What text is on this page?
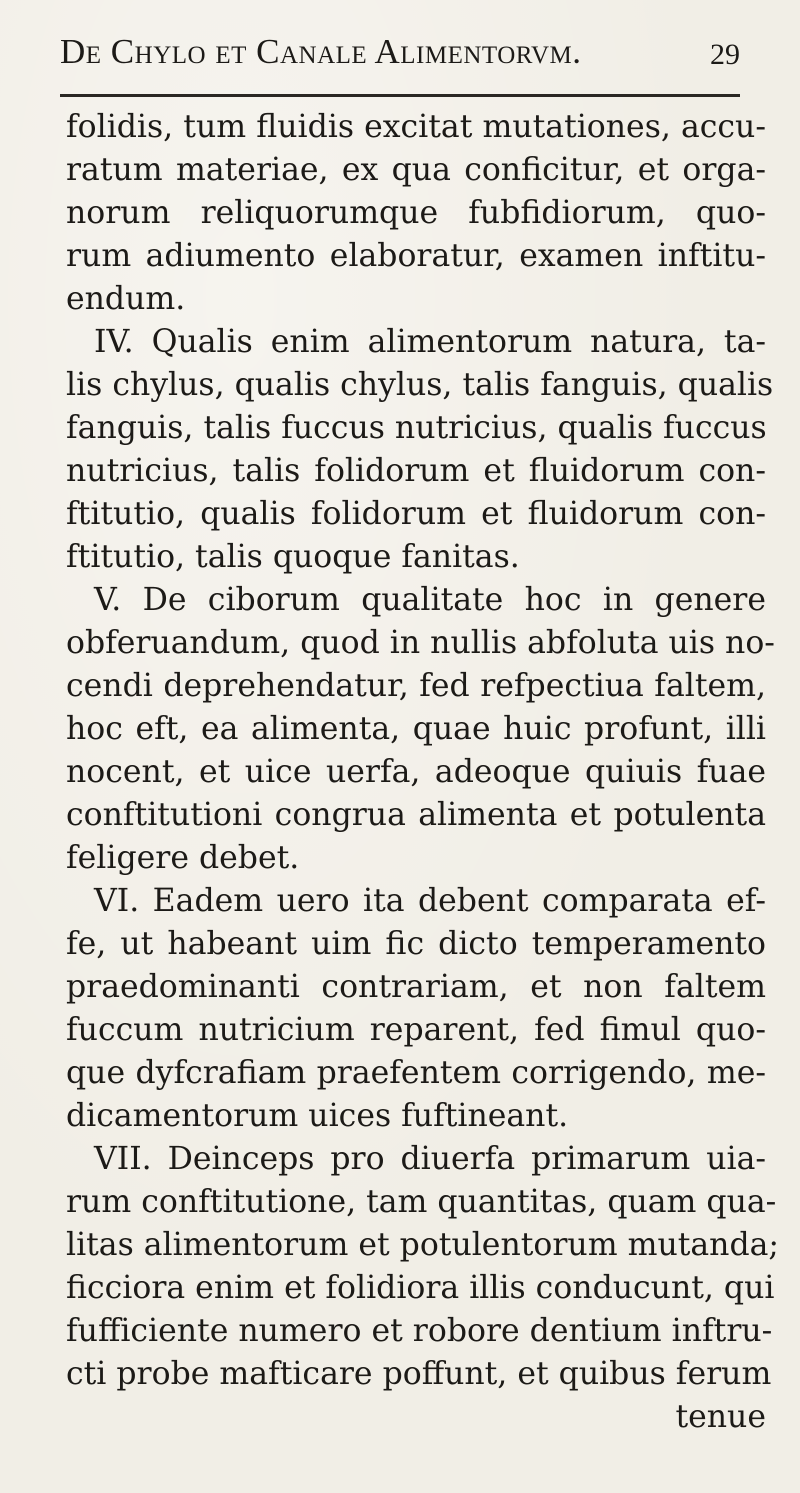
De Chylo et Canale Alimentorvm.	29
folidis, tum fluidis excitat mutationes, accu-
ratum materiae, ex qua conficitur, et orga-
norum reliquorumque fubfidiorum, quo-
rum adiumento elaboratur, examen inftitu-
endum.
IV. Qualis enim alimentorum natura, ta-
lis chylus, qualis chylus, talis fanguis, qualis
fanguis, talis fuccus nutricius, qualis fuccus
nutricius, talis folidorum et fluidorum con-
ftitutio, qualis folidorum et fluidorum con-
ftitutio, talis quoque fanitas.
V. De ciborum qualitate hoc in genere
obferuandum, quod in nullis abfoluta uis no-
cendi deprehendatur, fed refpectiua faltem,
hoc eft, ea alimenta, quae huic profunt, illi
nocent, et uice uerfa, adeoque quiuis fuae
conftitutioni congrua alimenta et potulenta
feligere debet.
VI. Eadem uero ita debent comparata ef-
fe, ut habeant uim fic dicto temperamento
praedominanti contrariam, et non faltem
fuccum nutricium reparent, fed fimul quo-
que dyfcrafiam praefentem corrigendo, me-
dicamentorum uices fuftineant.
VII. Deinceps pro diuerfa primarum uia-
rum conftitutione, tam quantitas, quam qua-
litas alimentorum et potulentorum mutanda;
ficciora enim et folidiora illis conducunt, qui
fufficiente numero et robore dentium inftru-
cti probe mafticare poffunt, et quibus ferum
tenue
